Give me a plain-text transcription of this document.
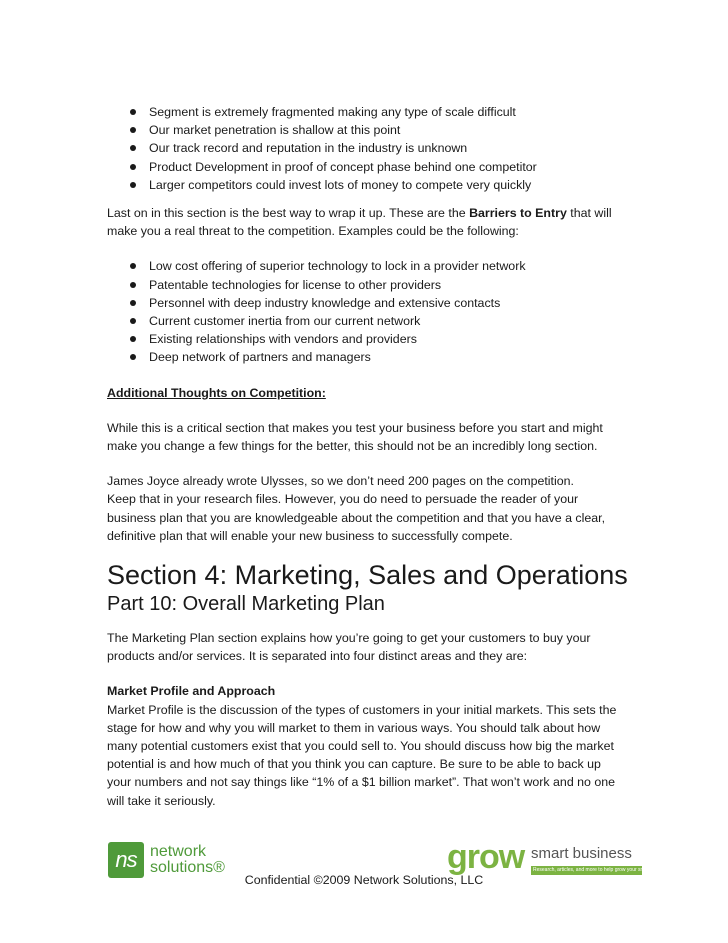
Segment is extremely fragmented making any type of scale difficult
Our market penetration is shallow at this point
Our track record and reputation in the industry is unknown
Product Development in proof of concept phase behind one competitor
Larger competitors could invest lots of money to compete very quickly

Last on in this section is the best way to wrap it up. These are the Barriers to Entry that will
make you a real threat to the competition. Examples could be the following:

Low cost offering of superior technology to lock in a provider network
Patentable technologies for license to other providers
Personnel with deep industry knowledge and extensive contacts
Current customer inertia from our current network
Existing relationships with vendors and providers
Deep network of partners and managers

Additional Thoughts on Competition:

While this is a critical section that makes you test your business before you start and might
make you change a few things for the better, this should not be an incredibly long section.

James Joyce already wrote Ulysses, so we don’t need 200 pages on the competition.
Keep that in your research files. However, you do need to persuade the reader of your
business plan that you are knowledgeable about the competition and that you have a clear,
definitive plan that will enable your new business to successfully compete.

Section 4: Marketing, Sales and Operations
Part 10: Overall Marketing Plan

The Marketing Plan section explains how you’re going to get your customers to buy your
products and/or services. It is separated into four distinct areas and they are:

Market Profile and Approach

Market Profile is the discussion of the types of customers in your initial markets. This sets the
stage for how and why you will market to them in various ways. You should talk about how
many potential customers exist that you could sell to. You should discuss how big the market
potential is and how much of that you think you can capture. Be sure to be able to back up
your numbers and not say things like “1% of a $1 billion market”. That won’t work and no one
will take it seriously.

ns network
solutions®	grow smart business
Research, articles, and more to help grow your small business
Confidential ©2009 Network Solutions, LLC
